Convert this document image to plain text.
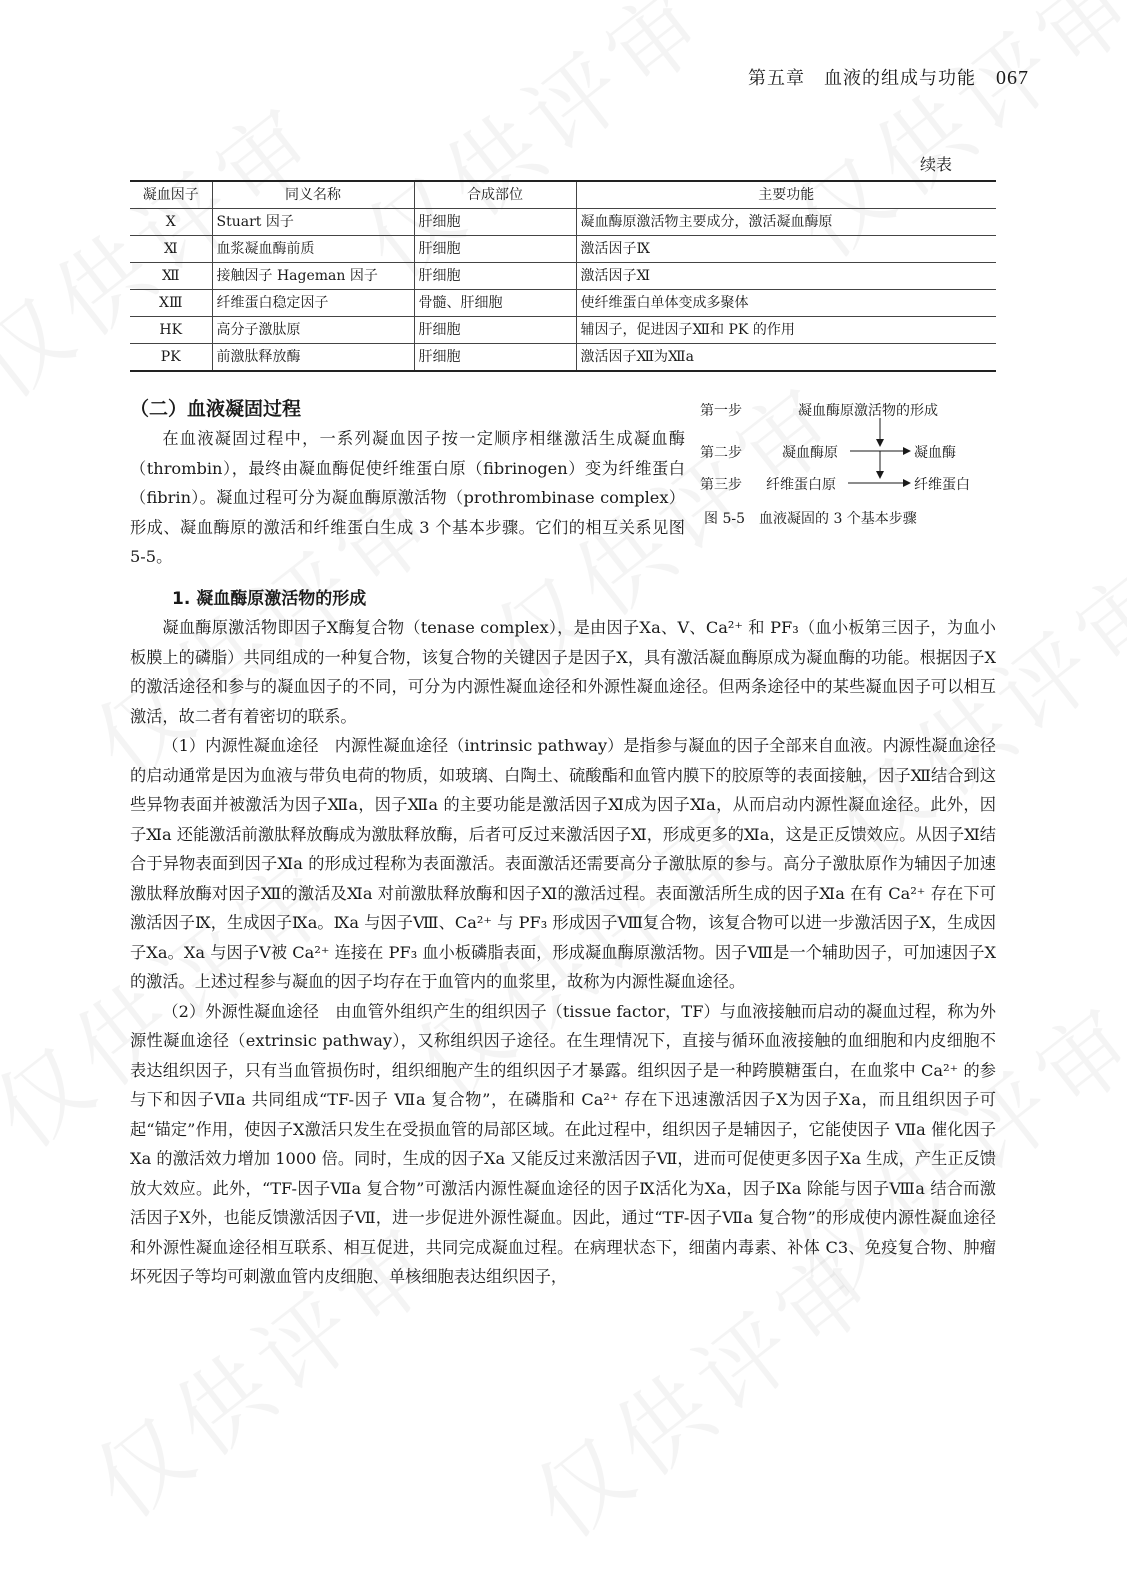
第五章　血液的组成与功能 067
续表
凝血因子	同义名称	合成部位	主要功能
Ⅹ	Stuart 因子	肝细胞	凝血酶原激活物主要成分，激活凝血酶原
Ⅺ	血浆凝血酶前质	肝细胞	激活因子Ⅸ
Ⅻ	接触因子 Hageman 因子	肝细胞	激活因子Ⅺ
ⅩⅢ	纤维蛋白稳定因子	骨髓、肝细胞	使纤维蛋白单体变成多聚体
HK	高分子激肽原	肝细胞	辅因子，促进因子Ⅻ和 PK 的作用
PK	前激肽释放酶	肝细胞	激活因子Ⅻ为Ⅻa
（二）血液凝固过程

在血液凝固过程中，一系列凝血因子按一定顺序相继激活生成凝血酶（thrombin），最终由凝血酶促使纤维蛋白原（fibrinogen）变为纤维蛋白（fibrin）。凝血过程可分为凝血酶原激活物（prothrombinase complex）形成、凝血酶原的激活和纤维蛋白生成 3 个基本步骤。它们的相互关系见图 5-5。

第一步	凝血酶原激活物的形成
第二步	凝血酶原	凝血酶
第三步 纤维蛋白原	纤维蛋白
图 5-5　血液凝固的 3 个基本步骤
1. 凝血酶原激活物的形成

凝血酶原激活物即因子Ⅹ酶复合物（tenase complex），是由因子Ⅹa、Ⅴ、Ca²⁺ 和 PF₃（血小板第三因子，为血小板膜上的磷脂）共同组成的一种复合物，该复合物的关键因子是因子Ⅹ，具有激活凝血酶原成为凝血酶的功能。根据因子Ⅹ的激活途径和参与的凝血因子的不同，可分为内源性凝血途径和外源性凝血途径。但两条途径中的某些凝血因子可以相互激活，故二者有着密切的联系。

（1）内源性凝血途径　内源性凝血途径（intrinsic pathway）是指参与凝血的因子全部来自血液。内源性凝血途径的启动通常是因为血液与带负电荷的物质，如玻璃、白陶土、硫酸酯和血管内膜下的胶原等的表面接触，因子Ⅻ结合到这些异物表面并被激活为因子Ⅻa，因子Ⅻa 的主要功能是激活因子Ⅺ成为因子Ⅺa，从而启动内源性凝血途径。此外，因子Ⅺa 还能激活前激肽释放酶成为激肽释放酶，后者可反过来激活因子Ⅺ，形成更多的Ⅺa，这是正反馈效应。从因子Ⅺ结合于异物表面到因子Ⅺa 的形成过程称为表面激活。表面激活还需要高分子激肽原的参与。高分子激肽原作为辅因子加速激肽释放酶对因子Ⅻ的激活及Ⅺa 对前激肽释放酶和因子Ⅺ的激活过程。表面激活所生成的因子Ⅺa 在有 Ca²⁺ 存在下可激活因子Ⅸ，生成因子Ⅸa。Ⅸa 与因子Ⅷ、Ca²⁺ 与 PF₃ 形成因子Ⅷ复合物，该复合物可以进一步激活因子Ⅹ，生成因子Ⅹa。Ⅹa 与因子Ⅴ被 Ca²⁺ 连接在 PF₃ 血小板磷脂表面，形成凝血酶原激活物。因子Ⅷ是一个辅助因子，可加速因子Ⅹ的激活。上述过程参与凝血的因子均存在于血管内的血浆里，故称为内源性凝血途径。

（2）外源性凝血途径　由血管外组织产生的组织因子（tissue factor，TF）与血液接触而启动的凝血过程，称为外源性凝血途径（extrinsic pathway），又称组织因子途径。在生理情况下，直接与循环血液接触的血细胞和内皮细胞不表达组织因子，只有当血管损伤时，组织细胞产生的组织因子才暴露。组织因子是一种跨膜糖蛋白，在血浆中 Ca²⁺ 的参与下和因子Ⅶa 共同组成“TF-因子 Ⅶa 复合物”，在磷脂和 Ca²⁺ 存在下迅速激活因子Ⅹ为因子Ⅹa，而且组织因子可起“锚定”作用，使因子Ⅹ激活只发生在受损血管的局部区域。在此过程中，组织因子是辅因子，它能使因子 Ⅶa 催化因子Ⅹa 的激活效力增加 1000 倍。同时，生成的因子Ⅹa 又能反过来激活因子Ⅶ，进而可促使更多因子Ⅹa 生成，产生正反馈放大效应。此外，“TF-因子Ⅶa 复合物”可激活内源性凝血途径的因子Ⅸ活化为Ⅹa，因子Ⅸa 除能与因子Ⅷa 结合而激活因子Ⅹ外，也能反馈激活因子Ⅶ，进一步促进外源性凝血。因此，通过“TF-因子Ⅶa 复合物”的形成使内源性凝血途径和外源性凝血途径相互联系、相互促进，共同完成凝血过程。在病理状态下，细菌内毒素、补体 C3、免疫复合物、肿瘤坏死因子等均可刺激血管内皮细胞、单核细胞表达组织因子，
